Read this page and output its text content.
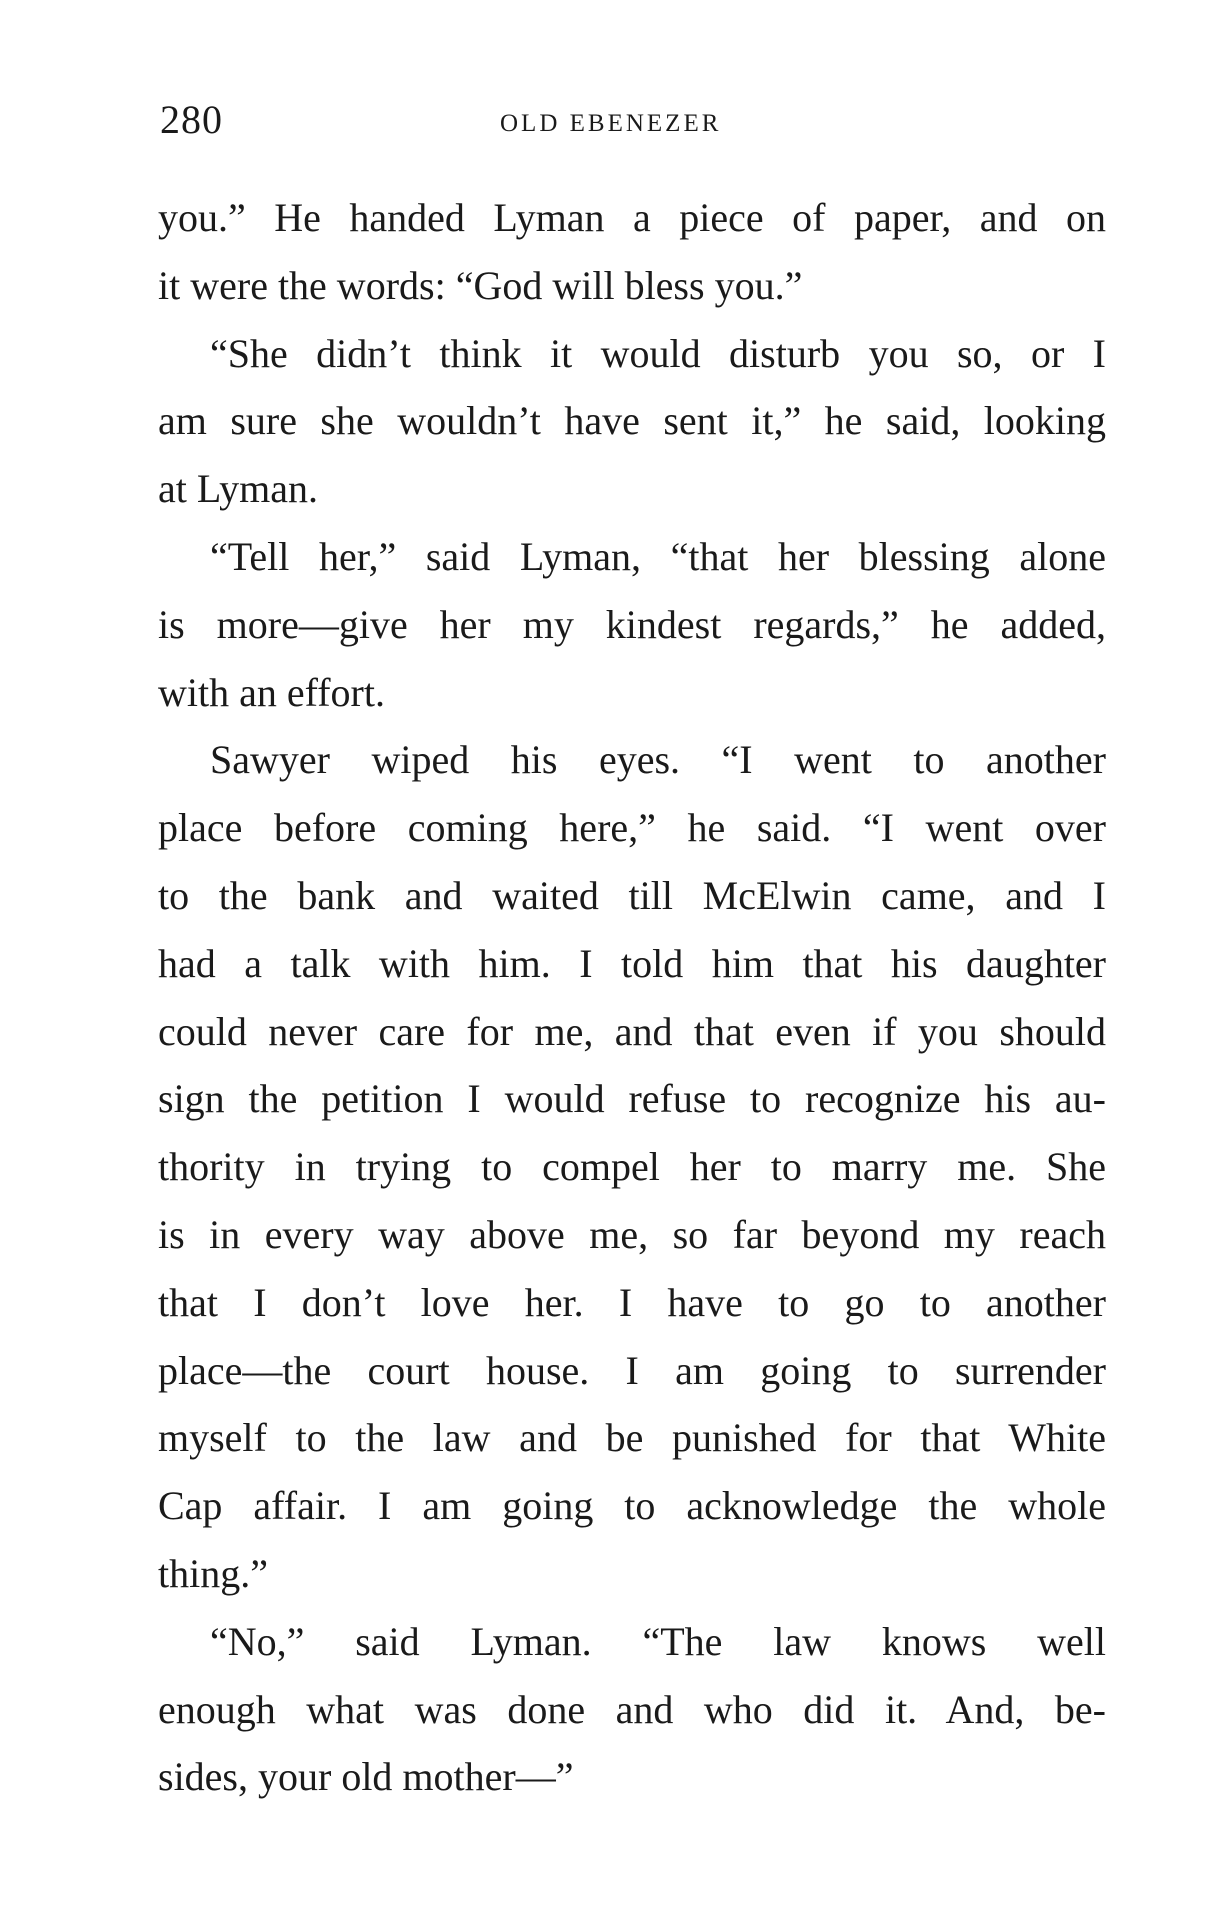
280	OLD EBENEZER
you.” He handed Lyman a piece of paper, and on
it were the words: “God will bless you.”
“She didn’t think it would disturb you so, or I
am sure she wouldn’t have sent it,” he said, looking
at Lyman.
“Tell her,” said Lyman, “that her blessing alone
is more—give her my kindest regards,” he added,
with an effort.
Sawyer wiped his eyes. “I went to another
place before coming here,” he said. “I went over
to the bank and waited till McElwin came, and I
had a talk with him. I told him that his daughter
could never care for me, and that even if you should
sign the petition I would refuse to recognize his au-
thority in trying to compel her to marry me. She
is in every way above me, so far beyond my reach
that I don’t love her. I have to go to another
place—the court house. I am going to surrender
myself to the law and be punished for that White
Cap affair. I am going to acknowledge the whole
thing.”
“No,” said Lyman. “The law knows well
enough what was done and who did it. And, be-
sides, your old mother—”
